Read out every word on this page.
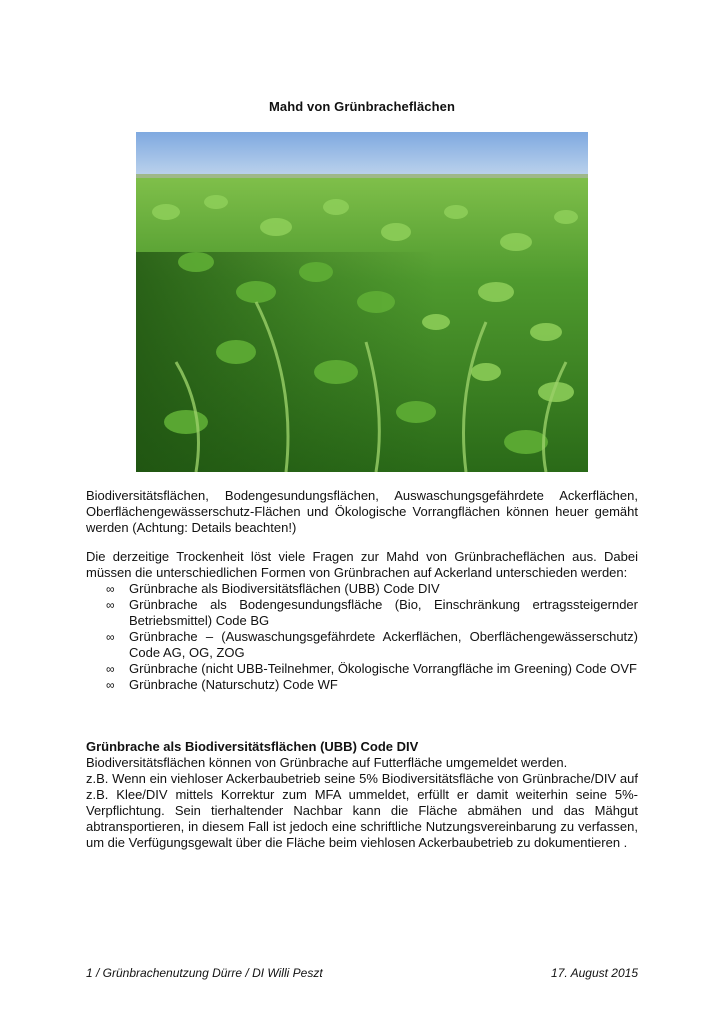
Mahd von Grünbracheflächen
Biodiversitätsflächen, Bodengesundungsflächen, Auswaschungsgefährdete Ackerflächen, Oberflächengewässerschutz-Flächen und Ökologische Vorrangflächen können heuer gemäht werden (Achtung: Details beachten!)

Die derzeitige Trockenheit löst viele Fragen zur Mahd von Grünbracheflächen aus. Dabei müssen die unterschiedlichen Formen von Grünbrachen auf Ackerland unterschieden werden:

∞ Grünbrache als Biodiversitätsflächen (UBB) Code DIV
∞ Grünbrache als Bodengesundungsfläche (Bio, Einschränkung ertragssteigernder Betriebsmittel) Code BG
∞ Grünbrache – (Auswaschungsgefährdete Ackerflächen, Oberflächengewässerschutz) Code AG, OG, ZOG
∞ Grünbrache (nicht UBB-Teilnehmer, Ökologische Vorrangfläche im Greening) Code OVF
∞ Grünbrache (Naturschutz) Code WF

Grünbrache als Biodiversitätsflächen (UBB) Code DIV

Biodiversitätsflächen können von Grünbrache auf Futterfläche umgemeldet werden.

z.B. Wenn ein viehloser Ackerbaubetrieb seine 5% Biodiversitätsfläche von Grünbrache/DIV auf z.B. Klee/DIV mittels Korrektur zum MFA ummeldet, erfüllt er damit weiterhin seine 5%-Verpflichtung. Sein tierhaltender Nachbar kann die Fläche abmähen und das Mähgut abtransportieren, in diesem Fall ist jedoch eine schriftliche Nutzungsvereinbarung zu verfassen, um die Verfügungsgewalt über die Fläche beim viehlosen Ackerbaubetrieb zu dokumentieren .

1 / Grünbrachenutzung Dürre / DI Willi Peszt	17. August 2015
